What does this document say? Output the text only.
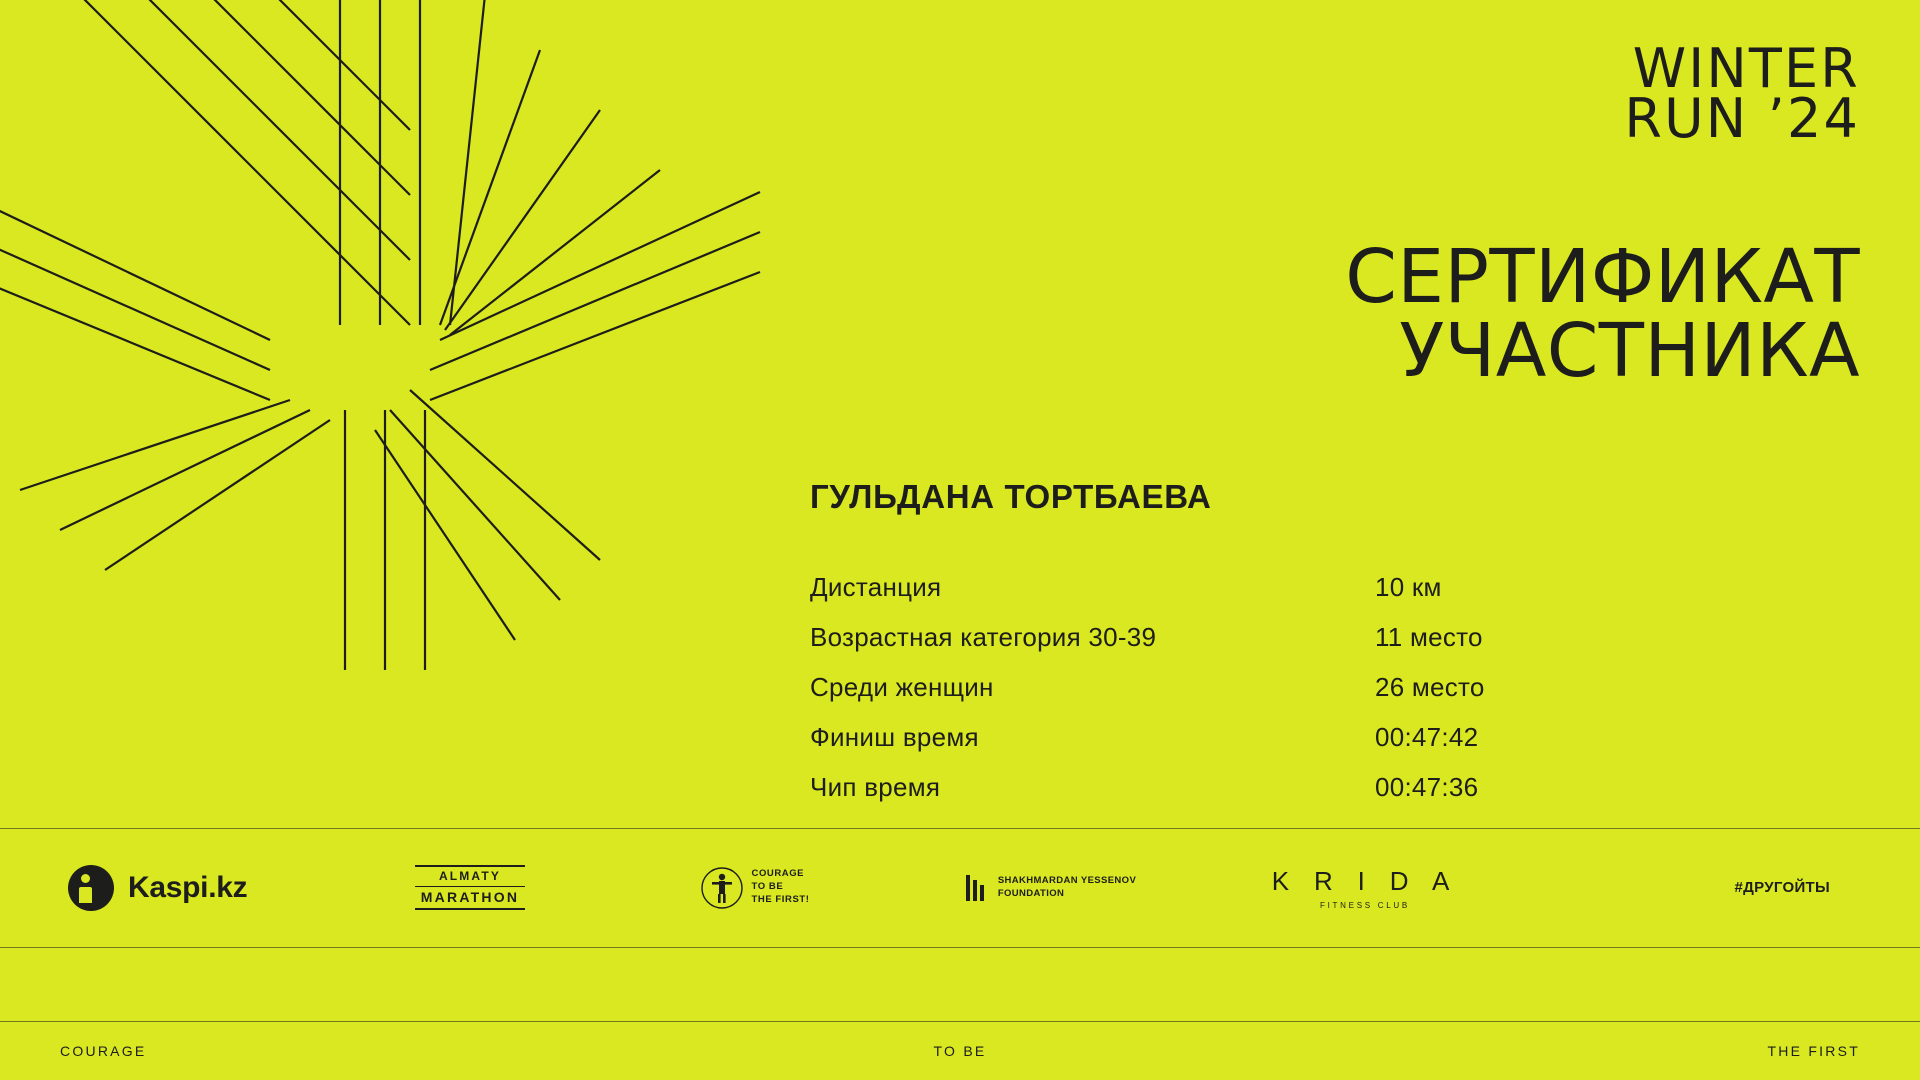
WINTER
RUN ’24
СЕРТИФИКАТ
УЧАСТНИКА
ГУЛЬДАНА ТОРТБАЕВА
Дистанция	10 км
Возрастная категория 30-39	11 место
Среди женщин	26 место
Финиш время	00:47:42
Чип время	00:47:36
Kaspi.kz	ALMATY
MARATHON
COURAGE
TO BE
THE FIRST!
SHAKHMARDAN YESSENOV
FOUNDATION	K R I D A
FITNESS CLUB
#ДРУГОЙТЫ
COURAGE	TO BE	THE FIRST
